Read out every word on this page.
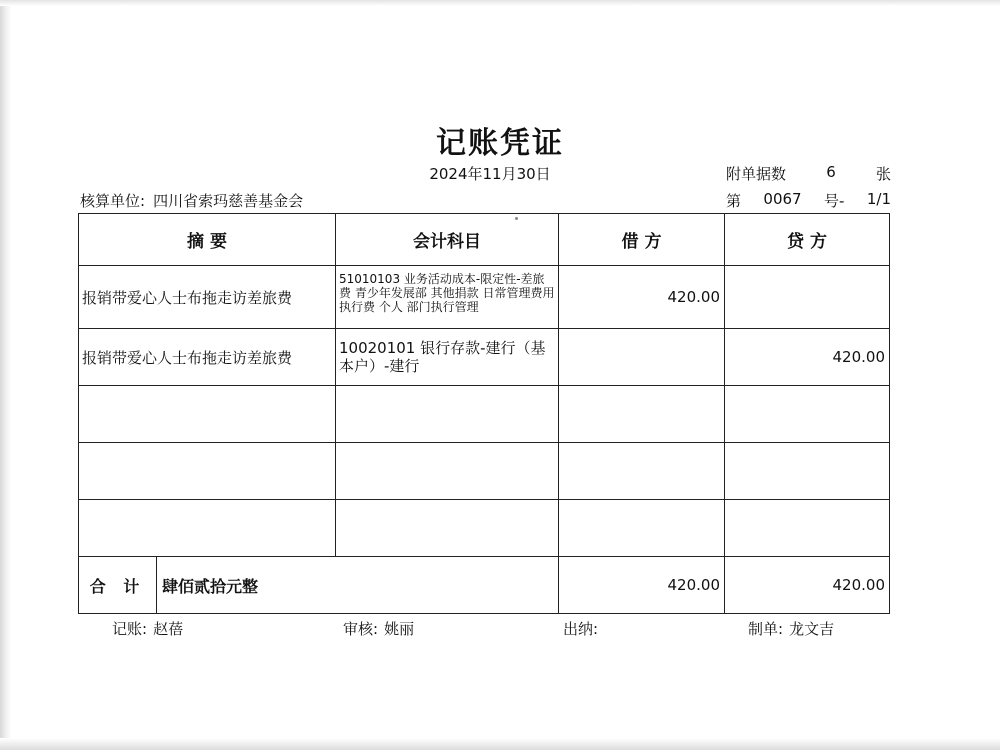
记账凭证
2024年11月30日	附单据数	6	张
核算单位: 四川省索玛慈善基金会	第 0067 号- 1/1
摘 要		会计科目	借 方	贷 方
报销带爱心人士布拖走访差旅费		51010103 业务活动成本-限定性-差旅费 青少年发展部 其他捐款 日常管理费用 执行费 个人 部门执行管理	420.00	
报销带爱心人士布拖走访差旅费		10020101 银行存款-建行（基本户）-建行		420.00

合 计	肆佰贰拾元整		420.00	420.00
记账: 赵蓓	审核: 姚丽	出纳:	制单: 龙文吉
